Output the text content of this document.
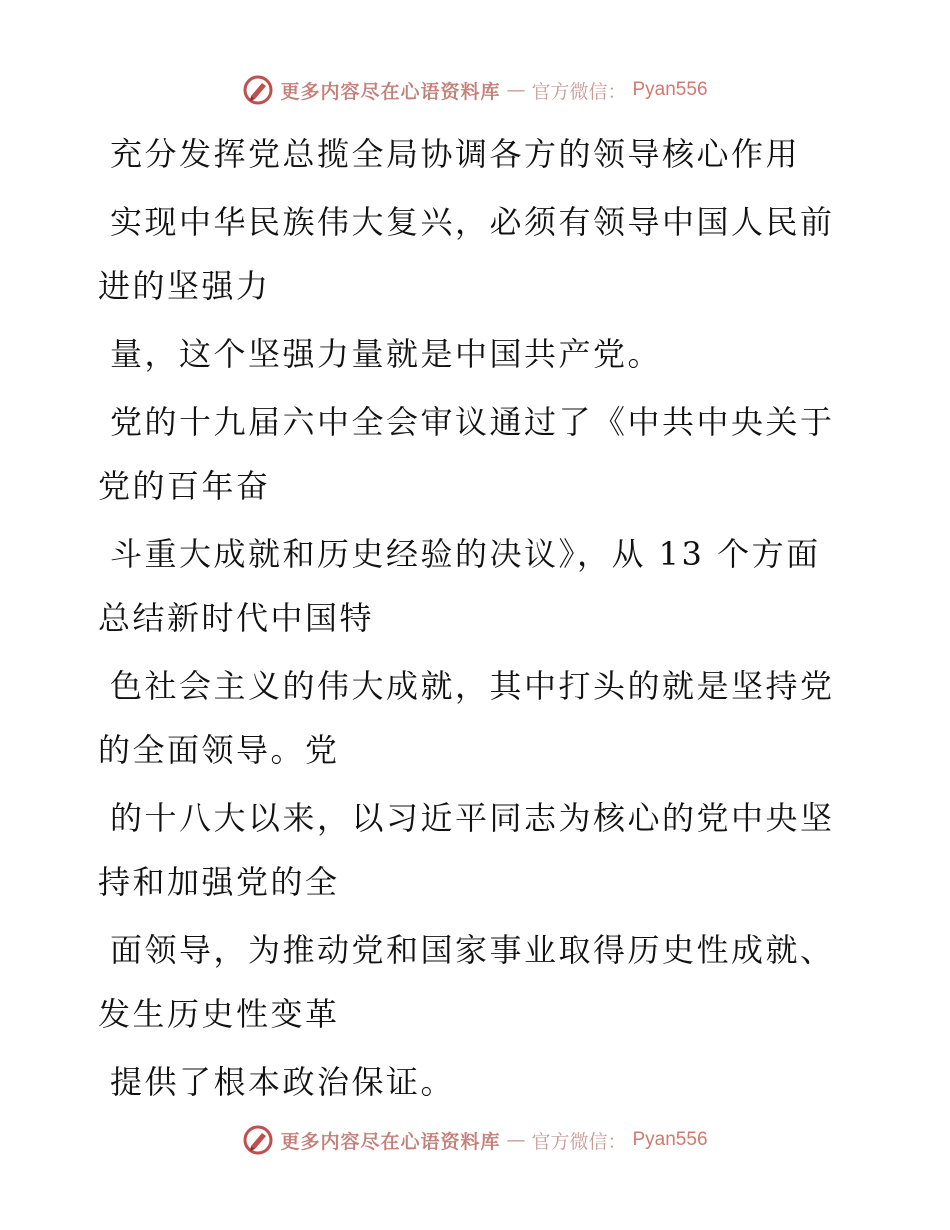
更多内容尽在心语资料库 — 官方微信： Pyan556

充分发挥党总揽全局协调各方的领导核心作用

实现中华民族伟大复兴，必须有领导中国人民前进的坚强力

量，这个坚强力量就是中国共产党。

党的十九届六中全会审议通过了《中共中央关于党的百年奋

斗重大成就和历史经验的决议》，从 13 个方面总结新时代中国特

色社会主义的伟大成就，其中打头的就是坚持党的全面领导。党

的十八大以来，以习近平同志为核心的党中央坚持和加强党的全

面领导，为推动党和国家事业取得历史性成就、发生历史性变革

提供了根本政治保证。

更多内容尽在心语资料库 — 官方微信： Pyan556
